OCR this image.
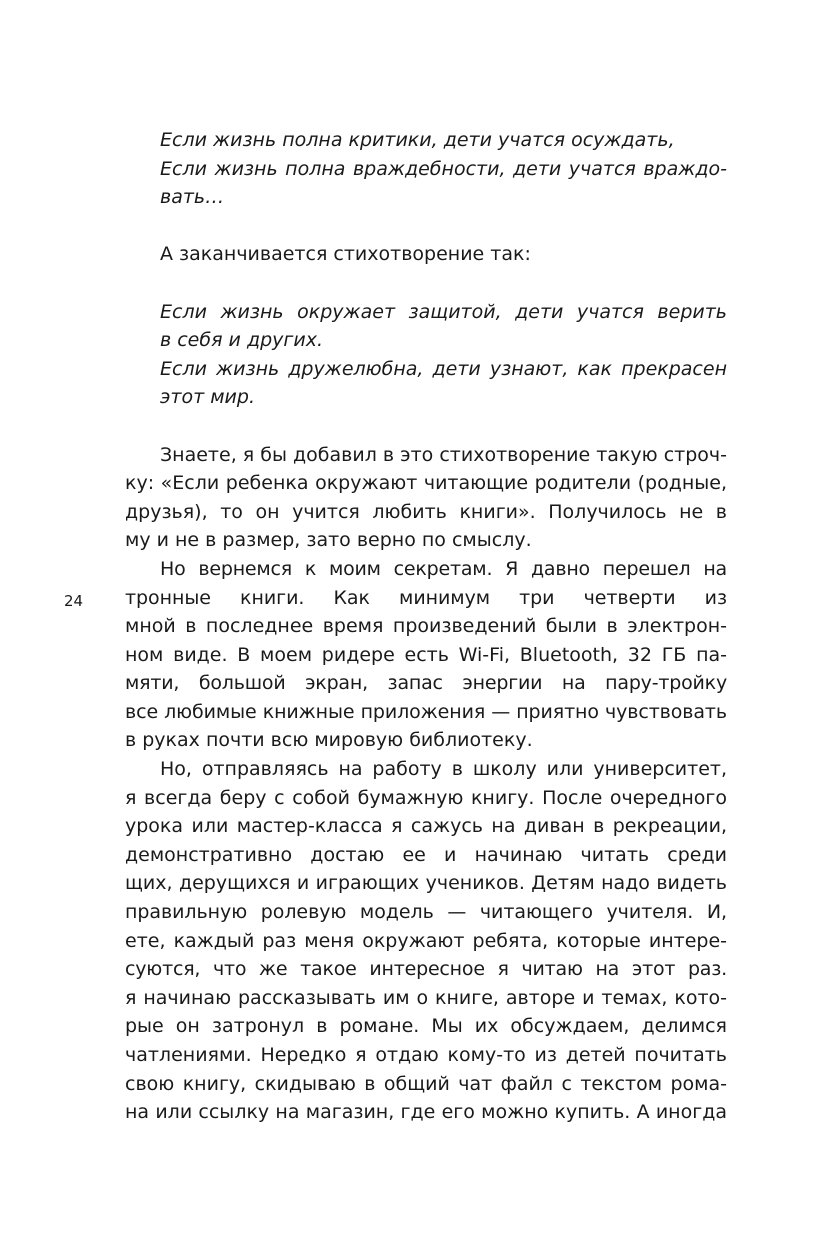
24
Если жизнь полна критики, дети учатся осуждать,
Если жизнь полна враждебности, дети учатся враждо-
вать…
А заканчивается стихотворение так:
Если жизнь окружает защитой, дети учатся верить
в себя и других.
Если жизнь дружелюбна, дети узнают, как прекрасен
этот мир.
Знаете, я бы добавил в это стихотворение такую строч-
ку: «Если ребенка окружают читающие родители (родные,
друзья), то он учится любить книги». Получилось не в
му и не в размер, зато верно по смыслу.
Но вернемся к моим секретам. Я давно перешел на
тронные книги. Как минимум три четверти из
мной в последнее время произведений были в электрон-
ном виде. В моем ридере есть Wi-Fi, Bluetooth, 32 ГБ па-
мяти, большой экран, запас энергии на пару-тройку
все любимые книжные приложения — приятно чувствовать
в руках почти всю мировую библиотеку.
Но, отправляясь на работу в школу или университет,
я всегда беру с собой бумажную книгу. После очередного
урока или мастер-класса я сажусь на диван в рекреации,
демонстративно достаю ее и начинаю читать среди
щих, дерущихся и играющих учеников. Детям надо видеть
правильную ролевую модель — читающего учителя. И,
ете, каждый раз меня окружают ребята, которые интере-
суются, что же такое интересное я читаю на этот раз.
я начинаю рассказывать им о книге, авторе и темах, кото-
рые он затронул в романе. Мы их обсуждаем, делимся
чатлениями. Нередко я отдаю кому-то из детей почитать
свою книгу, скидываю в общий чат файл с текстом рома-
на или ссылку на магазин, где его можно купить. А иногда
